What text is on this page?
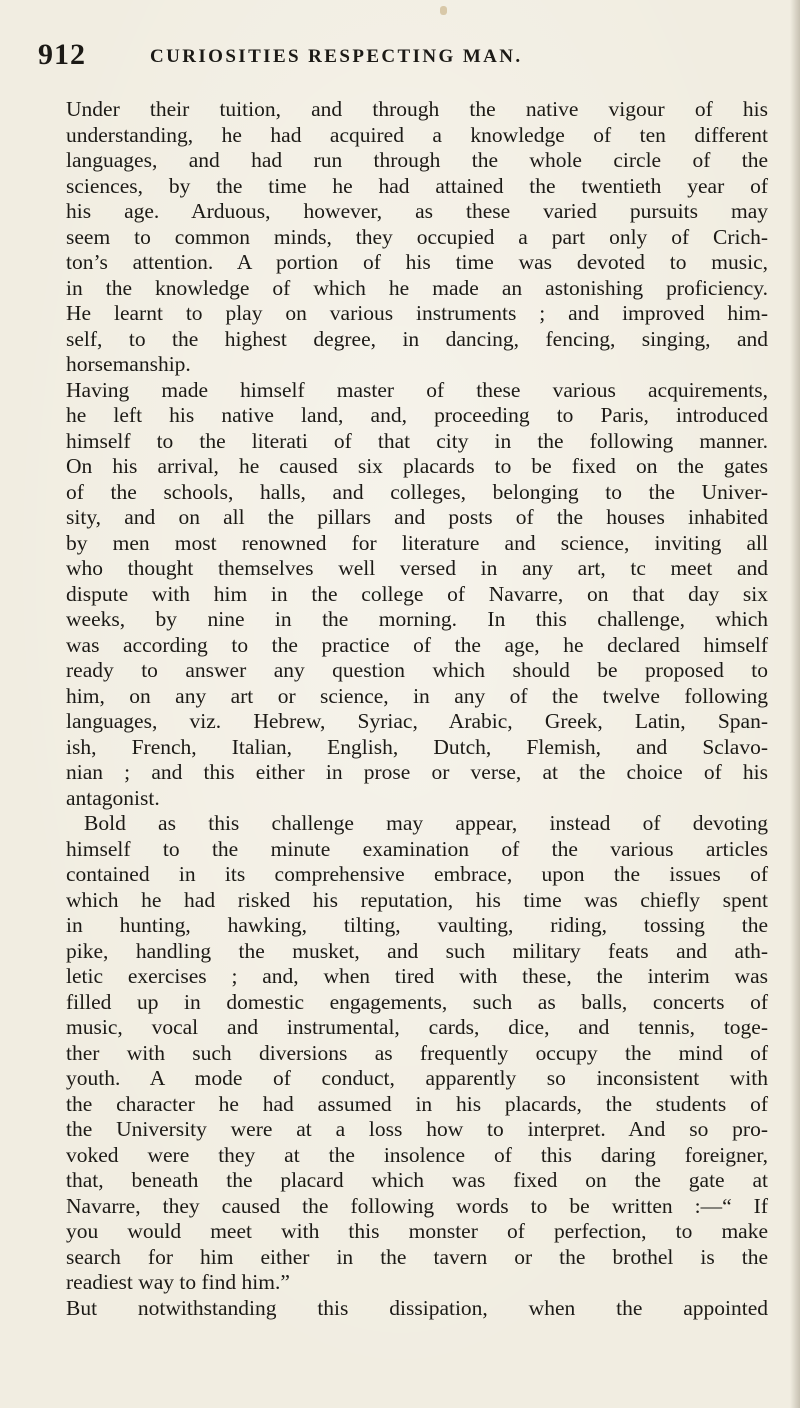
912	CURIOSITIES RESPECTING MAN.
Under their tuition, and through the native vigour of his
understanding, he had acquired a knowledge of ten different
languages, and had run through the whole circle of the
sciences, by the time he had attained the twentieth year of
his age. Arduous, however, as these varied pursuits may
seem to common minds, they occupied a part only of Crich-
ton’s attention. A portion of his time was devoted to music,
in the knowledge of which he made an astonishing proficiency.
He learnt to play on various instruments ; and improved him-
self, to the highest degree, in dancing, fencing, singing, and
horsemanship.
Having made himself master of these various acquirements,
he left his native land, and, proceeding to Paris, introduced
himself to the literati of that city in the following manner.
On his arrival, he caused six placards to be fixed on the gates
of the schools, halls, and colleges, belonging to the Univer-
sity, and on all the pillars and posts of the houses inhabited
by men most renowned for literature and science, inviting all
who thought themselves well versed in any art, tc meet and
dispute with him in the college of Navarre, on that day six
weeks, by nine in the morning. In this challenge, which
was according to the practice of the age, he declared himself
ready to answer any question which should be proposed to
him, on any art or science, in any of the twelve following
languages, viz. Hebrew, Syriac, Arabic, Greek, Latin, Span-
ish, French, Italian, English, Dutch, Flemish, and Sclavo-
nian ; and this either in prose or verse, at the choice of his
antagonist.
Bold as this challenge may appear, instead of devoting
himself to the minute examination of the various articles
contained in its comprehensive embrace, upon the issues of
which he had risked his reputation, his time was chiefly spent
in hunting, hawking, tilting, vaulting, riding, tossing the
pike, handling the musket, and such military feats and ath-
letic exercises ; and, when tired with these, the interim was
filled up in domestic engagements, such as balls, concerts of
music, vocal and instrumental, cards, dice, and tennis, toge-
ther with such diversions as frequently occupy the mind of
youth. A mode of conduct, apparently so inconsistent with
the character he had assumed in his placards, the students of
the University were at a loss how to interpret. And so pro-
voked were they at the insolence of this daring foreigner,
that, beneath the placard which was fixed on the gate at
Navarre, they caused the following words to be written :—“ If
you would meet with this monster of perfection, to make
search for him either in the tavern or the brothel is the
readiest way to find him.”
But notwithstanding this dissipation, when the appointed
